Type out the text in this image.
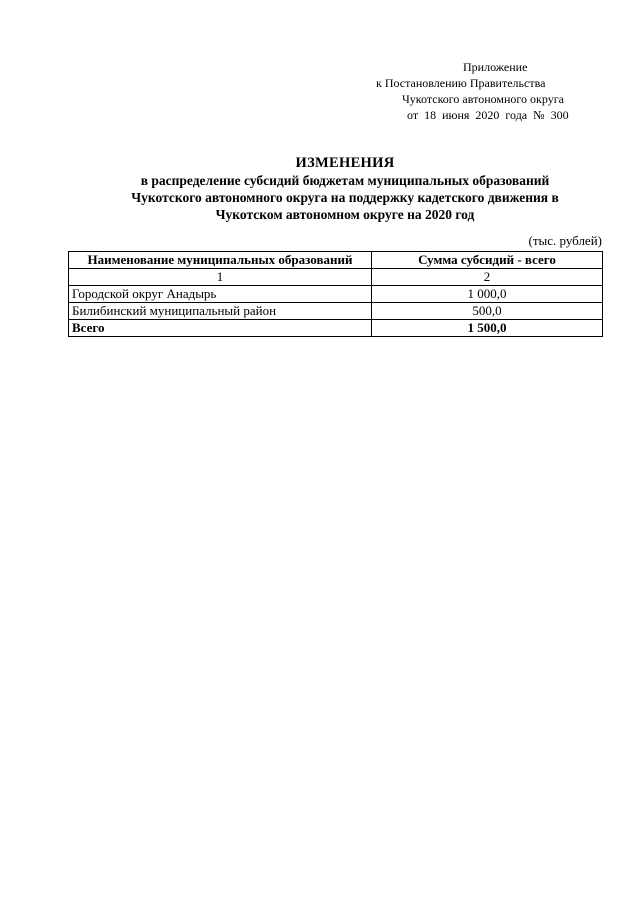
Приложение
к Постановлению Правительства
Чукотского автономного округа
от 18 июня 2020 года № 300
ИЗМЕНЕНИЯ
в распределение субсидий бюджетам муниципальных образований
Чукотского автономного округа на поддержку кадетского движения в
Чукотском автономном округе на 2020 год
(тыс. рублей)
Наименование муниципальных образований	Сумма субсидий - всего
1	2
Городской округ Анадырь	1 000,0
Билибинский муниципальный район	500,0
Всего	1 500,0
